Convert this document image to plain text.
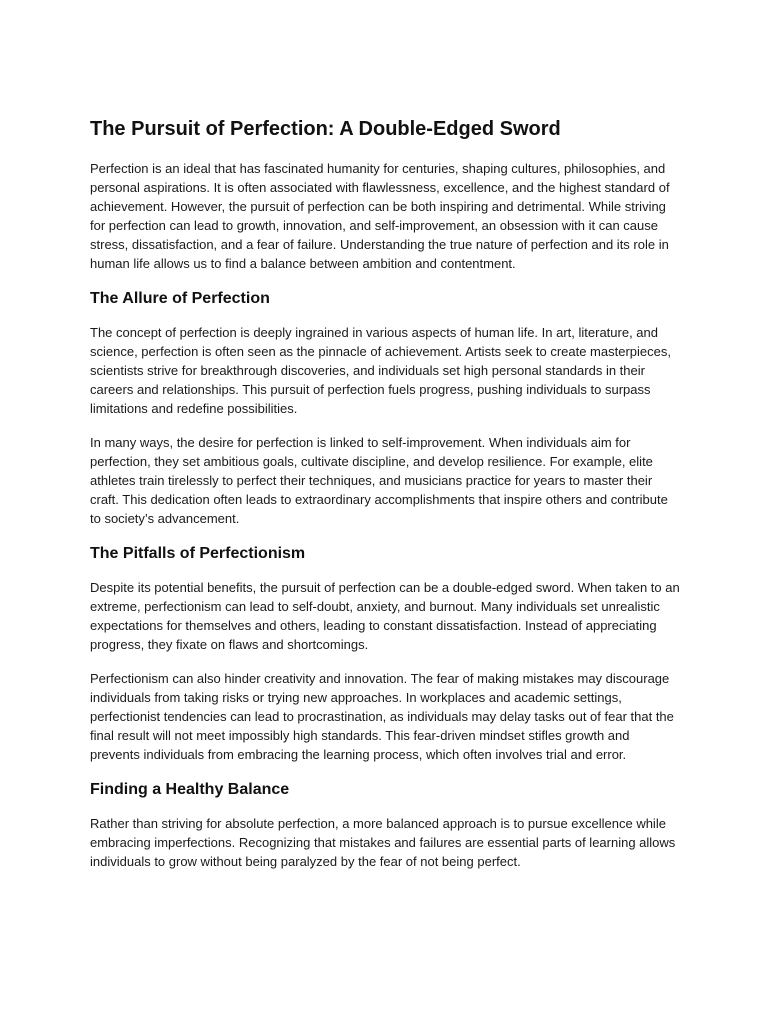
The Pursuit of Perfection: A Double-Edged Sword

Perfection is an ideal that has fascinated humanity for centuries, shaping cultures, philosophies, and personal aspirations. It is often associated with flawlessness, excellence, and the highest standard of achievement. However, the pursuit of perfection can be both inspiring and detrimental. While striving for perfection can lead to growth, innovation, and self-improvement, an obsession with it can cause stress, dissatisfaction, and a fear of failure. Understanding the true nature of perfection and its role in human life allows us to find a balance between ambition and contentment.

The Allure of Perfection

The concept of perfection is deeply ingrained in various aspects of human life. In art, literature, and science, perfection is often seen as the pinnacle of achievement. Artists seek to create masterpieces, scientists strive for breakthrough discoveries, and individuals set high personal standards in their careers and relationships. This pursuit of perfection fuels progress, pushing individuals to surpass limitations and redefine possibilities.

In many ways, the desire for perfection is linked to self-improvement. When individuals aim for perfection, they set ambitious goals, cultivate discipline, and develop resilience. For example, elite athletes train tirelessly to perfect their techniques, and musicians practice for years to master their craft. This dedication often leads to extraordinary accomplishments that inspire others and contribute to society’s advancement.

The Pitfalls of Perfectionism

Despite its potential benefits, the pursuit of perfection can be a double-edged sword. When taken to an extreme, perfectionism can lead to self-doubt, anxiety, and burnout. Many individuals set unrealistic expectations for themselves and others, leading to constant dissatisfaction. Instead of appreciating progress, they fixate on flaws and shortcomings.

Perfectionism can also hinder creativity and innovation. The fear of making mistakes may discourage individuals from taking risks or trying new approaches. In workplaces and academic settings, perfectionist tendencies can lead to procrastination, as individuals may delay tasks out of fear that the final result will not meet impossibly high standards. This fear-driven mindset stifles growth and prevents individuals from embracing the learning process, which often involves trial and error.

Finding a Healthy Balance

Rather than striving for absolute perfection, a more balanced approach is to pursue excellence while embracing imperfections. Recognizing that mistakes and failures are essential parts of learning allows individuals to grow without being paralyzed by the fear of not being perfect.
